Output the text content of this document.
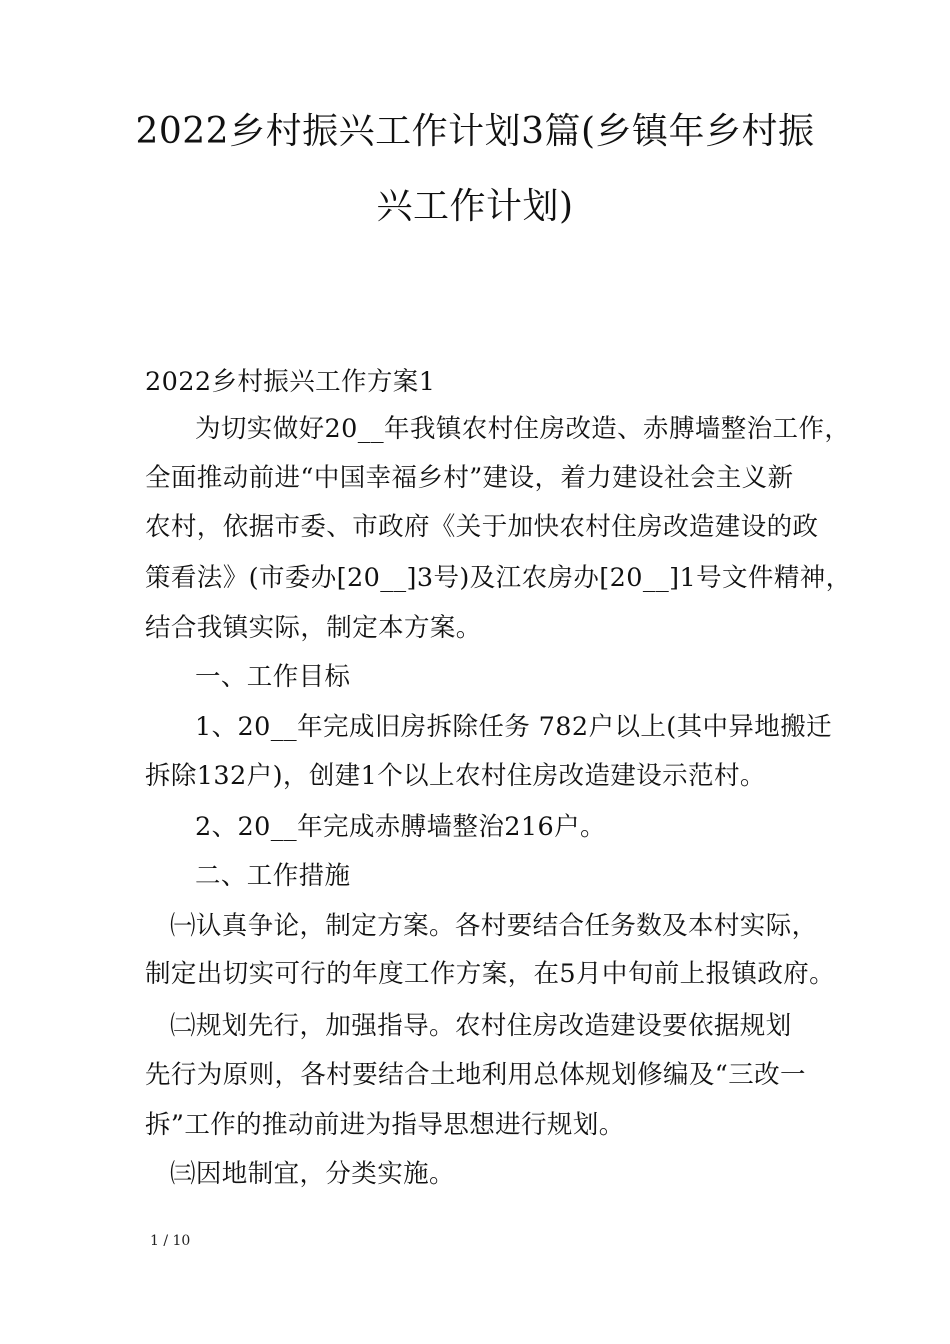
2022乡村振兴工作计划3篇(乡镇年乡村振
兴工作计划)
2022乡村振兴工作方案1
为切实做好20__年我镇农村住房改造、赤膊墙整治工作，
全面推动前进“中国幸福乡村”建设，着力建设社会主义新
农村，依据市委、市政府《关于加快农村住房改造建设的政
策看法》(市委办[20__]3号)及江农房办[20__]1号文件精神，
结合我镇实际，制定本方案。
一、工作目标
1、20__年完成旧房拆除任务 782户以上(其中异地搬迁
拆除132户)，创建1个以上农村住房改造建设示范村。
2、20__年完成赤膊墙整治216户。
二、工作措施
㈠认真争论，制定方案。各村要结合任务数及本村实际，
制定出切实可行的年度工作方案，在5月中旬前上报镇政府。
㈡规划先行，加强指导。农村住房改造建设要依据规划
先行为原则，各村要结合土地利用总体规划修编及“三改一
拆”工作的推动前进为指导思想进行规划。
㈢因地制宜，分类实施。
1 / 10
